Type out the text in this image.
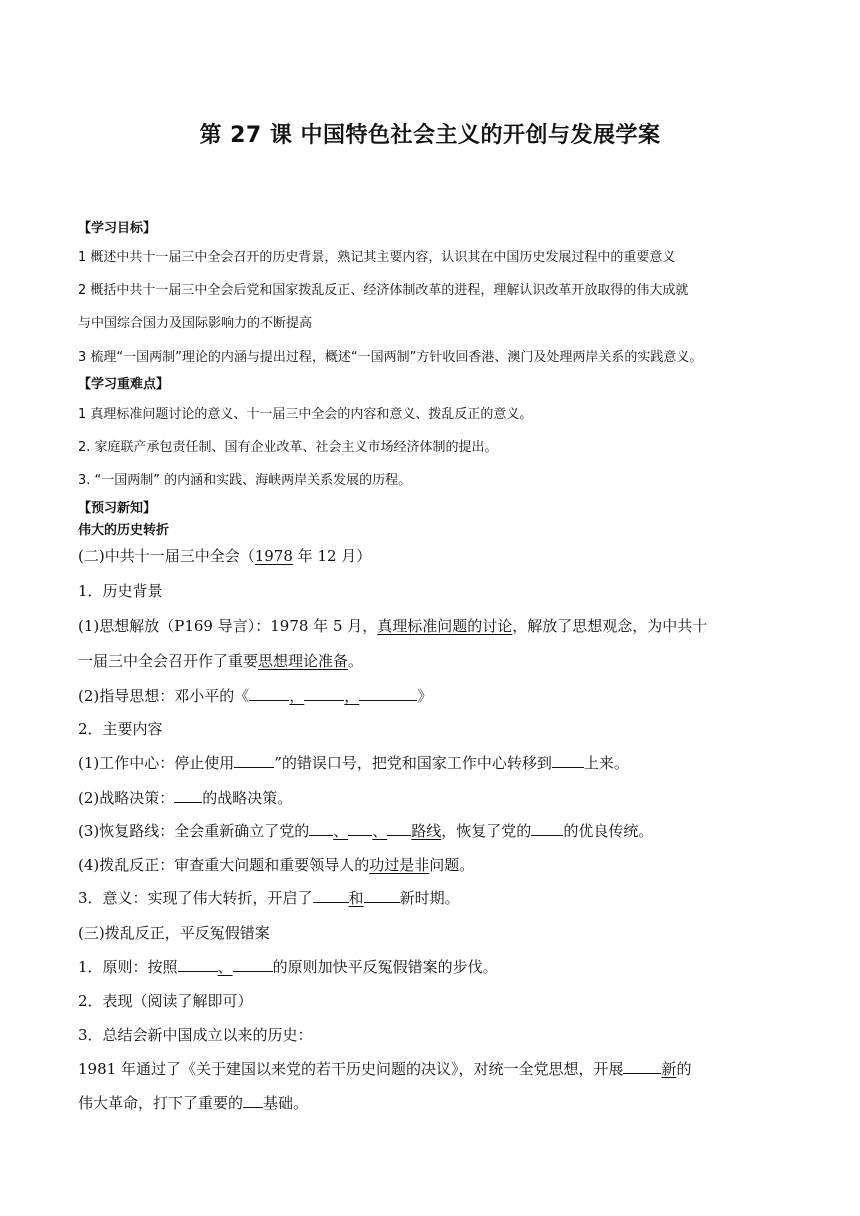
第 27 课 中国特色社会主义的开创与发展学案
【学习目标】
1 概述中共十一届三中全会召开的历史背景，熟记其主要内容，认识其在中国历史发展过程中的重要意义
2 概括中共十一届三中全会后党和国家拨乱反正、经济体制改革的进程，理解认识改革开放取得的伟大成就
与中国综合国力及国际影响力的不断提高
3 梳理“一国两制”理论的内涵与提出过程，概述“一国两制”方针收回香港、澳门及处理两岸关系的实践意义。
【学习重难点】
1 真理标准问题讨论的意义、十一届三中全会的内容和意义、拨乱反正的意义。
2. 家庭联产承包责任制、国有企业改革、社会主义市场经济体制的提出。
3. “一国两制” 的内涵和实践、海峡两岸关系发展的历程。
【预习新知】
伟大的历史转折
(二)中共十一届三中全会（1978 年 12 月）
1．历史背景
(1)思想解放（P169 导言）：1978 年 5 月，真理标准问题的讨论，解放了思想观念，为中共十
一届三中全会召开作了重要思想理论准备。
(2)指导思想：邓小平的《	，	，	》
2．主要内容
(1)工作中心：停止使用	”的错误口号，把党和国家工作中心转移到 上来。
(2)战略决策： 的战略决策。
(3)恢复路线：全会重新确立了党的 、 、 路线，恢复了党的 的优良传统。
(4)拨乱反正：审查重大问题和重要领导人的功过是非问题。
3．意义：实现了伟大转折，开启了 和 新时期。
(三)拨乱反正，平反冤假错案
1．原则：按照	、	的原则加快平反冤假错案的步伐。
2．表现（阅读了解即可）
3．总结会新中国成立以来的历史：
1981 年通过了《关于建国以来党的若干历史问题的决议》，对统一全党思想，开展	新的
伟大革命，打下了重要的 基础。
